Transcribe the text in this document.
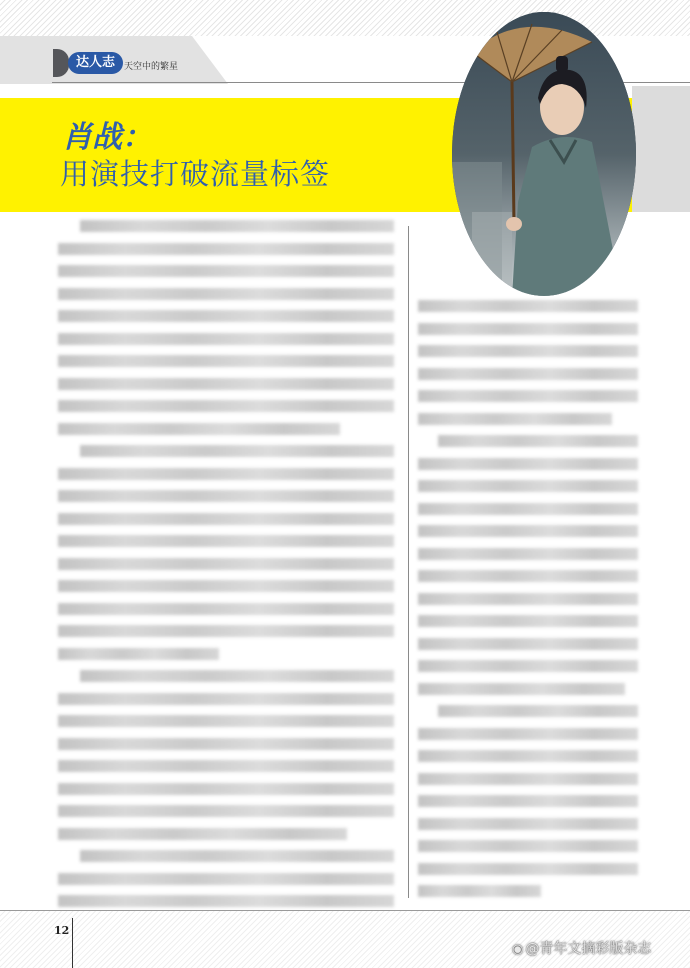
达人志 天空中的繁星
肖战：
用演技打破流量标签
12
◉ @青年文摘彩版杂志
